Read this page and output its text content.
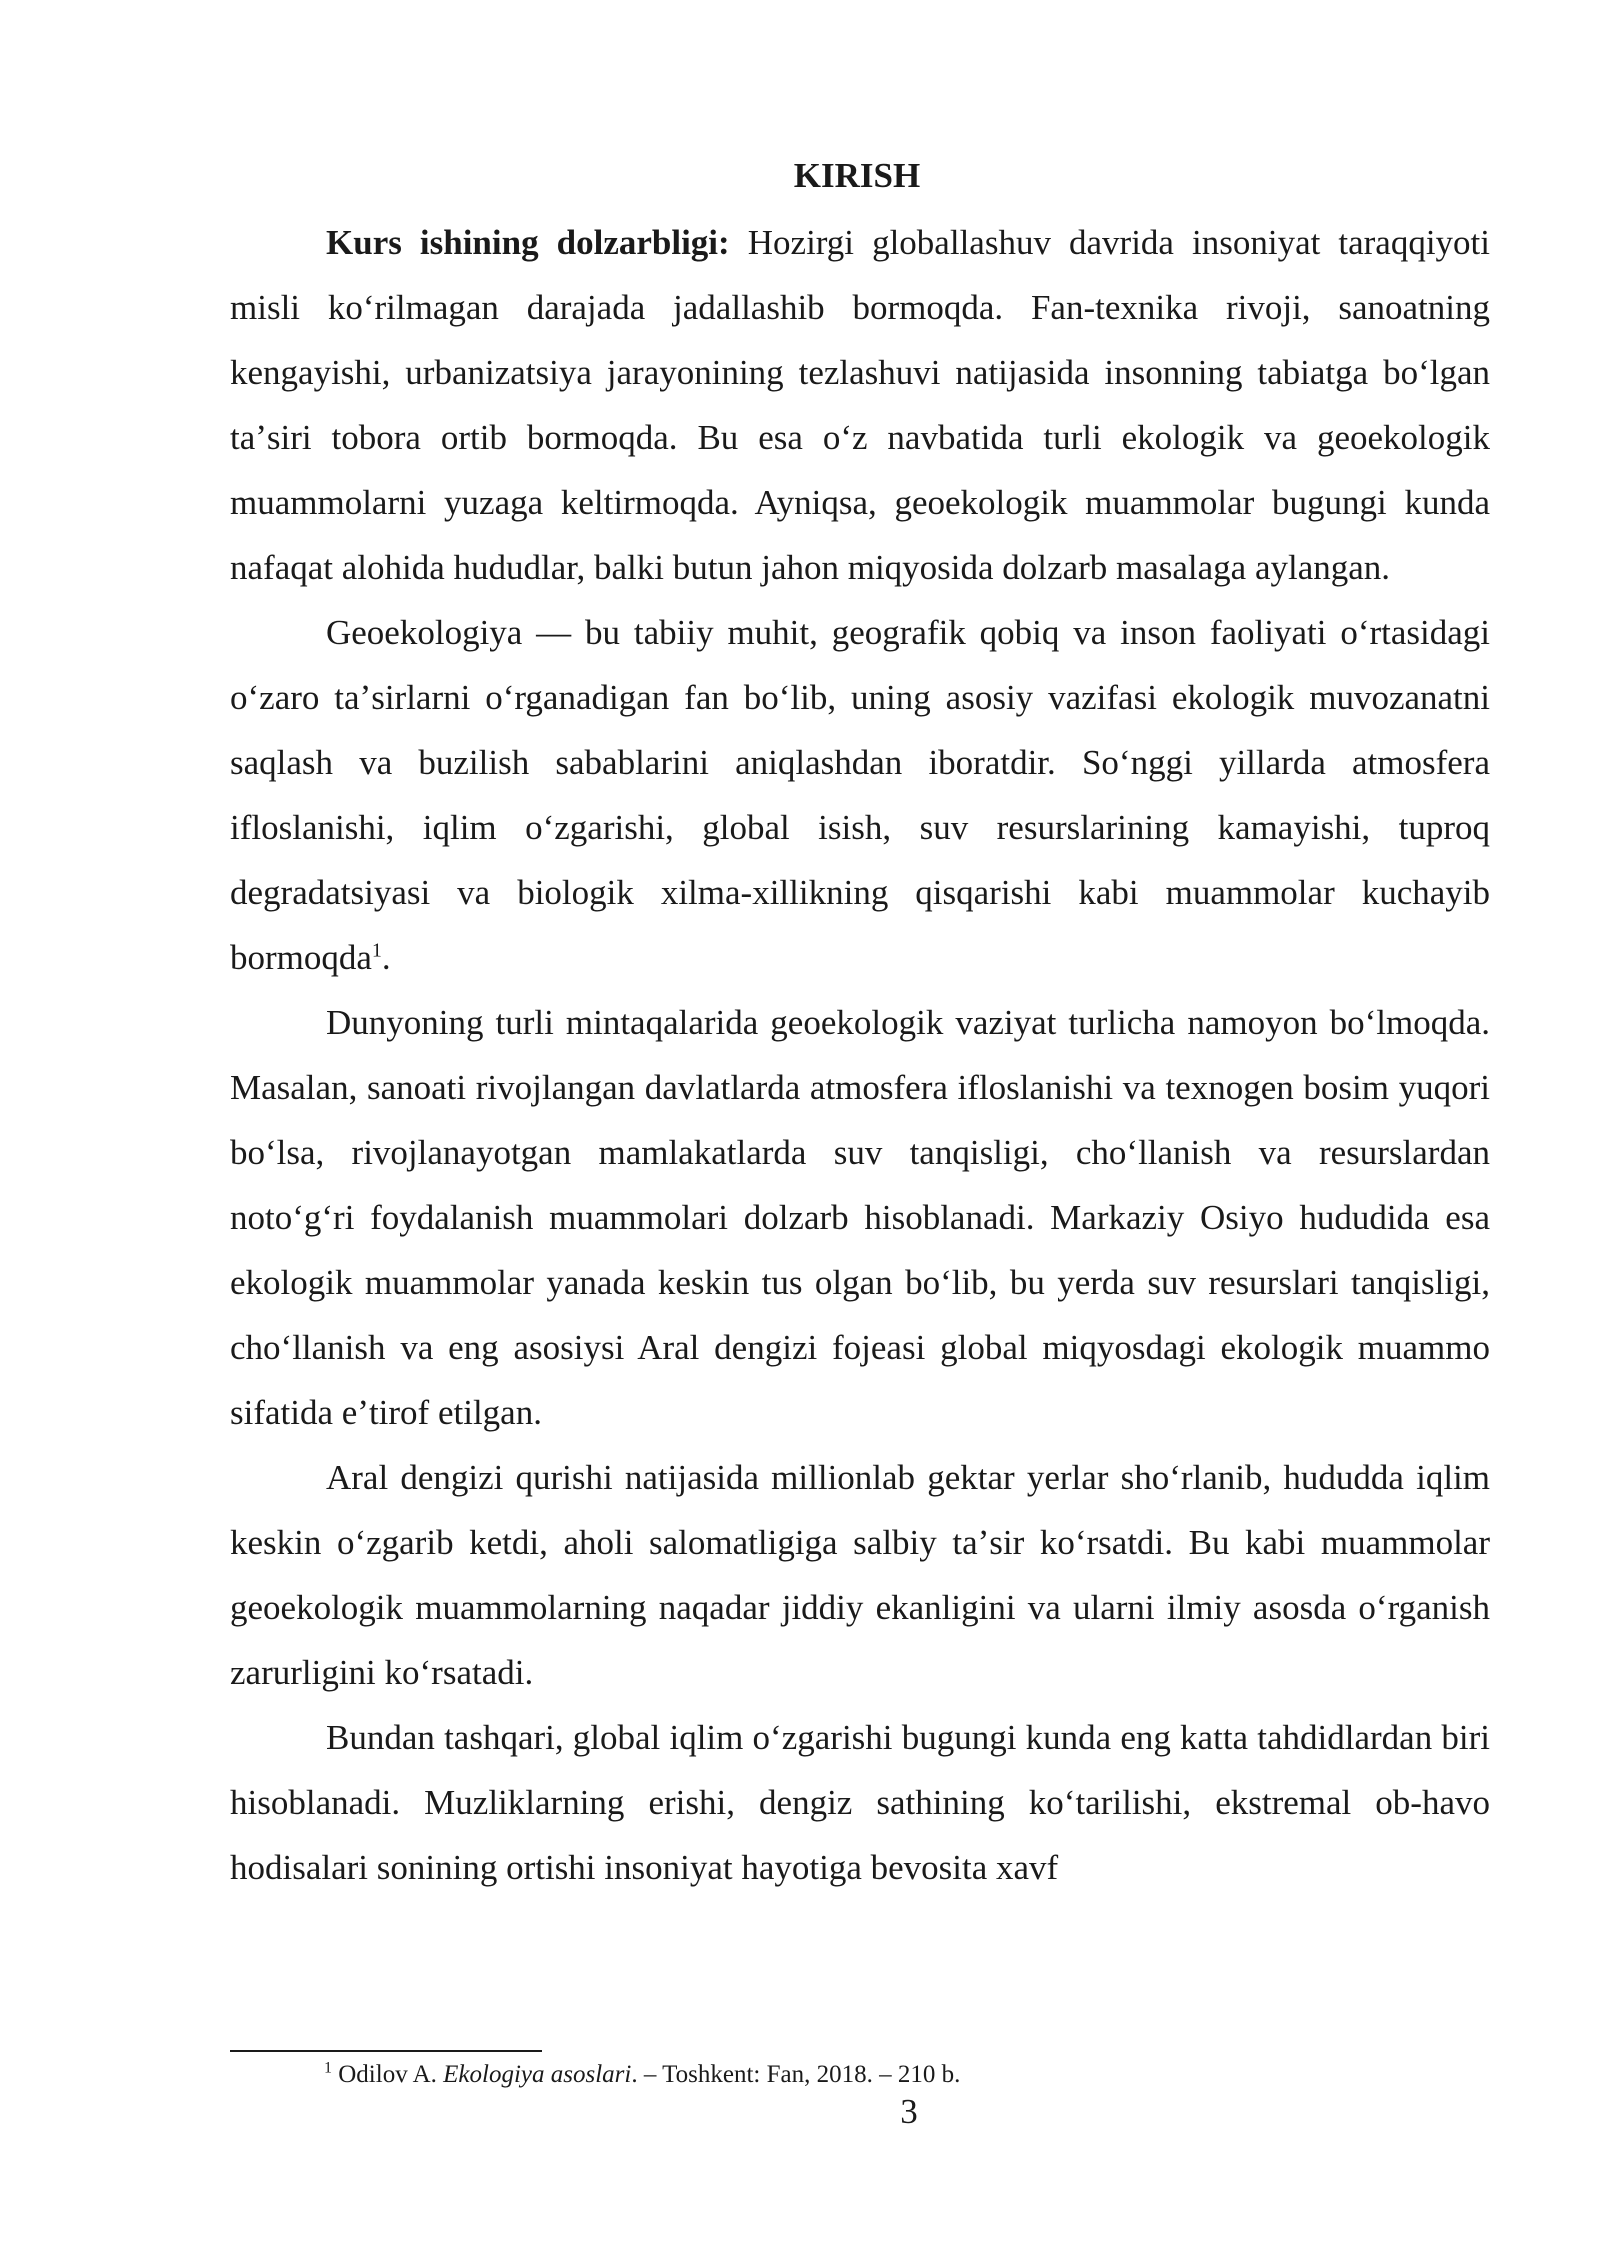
KIRISH

Kurs ishining dolzarbligi: Hozirgi globallashuv davrida insoniyat taraqqiyoti misli koʻrilmagan darajada jadallashib bormoqda. Fan-texnika rivoji, sanoatning kengayishi, urbanizatsiya jarayonining tezlashuvi natijasida insonning tabiatga boʻlgan taʼsiri tobora ortib bormoqda. Bu esa oʻz navbatida turli ekologik va geoekologik muammolarni yuzaga keltirmoqda. Ayniqsa, geoekologik muammolar bugungi kunda nafaqat alohida hududlar, balki butun jahon miqyosida dolzarb masalaga aylangan.

Geoekologiya — bu tabiiy muhit, geografik qobiq va inson faoliyati oʻrtasidagi oʻzaro taʼsirlarni oʻrganadigan fan boʻlib, uning asosiy vazifasi ekologik muvozanatni saqlash va buzilish sabablarini aniqlashdan iboratdir. Soʻnggi yillarda atmosfera ifloslanishi, iqlim oʻzgarishi, global isish, suv resurslarining kamayishi, tuproq degradatsiyasi va biologik xilma-xillikning qisqarishi kabi muammolar kuchayib bormoqda$^1$.

Dunyoning turli mintaqalarida geoekologik vaziyat turlicha namoyon boʻlmoqda. Masalan, sanoati rivojlangan davlatlarda atmosfera ifloslanishi va texnogen bosim yuqori boʻlsa, rivojlanayotgan mamlakatlarda suv tanqisligi, choʻllanish va resurslardan notoʻgʻri foydalanish muammolari dolzarb hisoblanadi. Markaziy Osiyo hududida esa ekologik muammolar yanada keskin tus olgan boʻlib, bu yerda suv resurslari tanqisligi, choʻllanish va eng asosiysi Aral dengizi fojeasi global miqyosdagi ekologik muammo sifatida eʼtirof etilgan.

Aral dengizi qurishi natijasida millionlab gektar yerlar shoʻrlanib, hududda iqlim keskin oʻzgarib ketdi, aholi salomatligiga salbiy taʼsir koʻrsatdi. Bu kabi muammolar geoekologik muammolarning naqadar jiddiy ekanligini va ularni ilmiy asosda oʻrganish zarurligini koʻrsatadi.

Bundan tashqari, global iqlim oʻzgarishi bugungi kunda eng katta tahdidlardan biri hisoblanadi. Muzliklarning erishi, dengiz sathining koʻtarilishi, ekstremal ob-havo hodisalari sonining ortishi insoniyat hayotiga bevosita xavf

$^1$ Odilov A. Ekologiya asoslari. – Toshkent: Fan, 2018. – 210 b.

3
